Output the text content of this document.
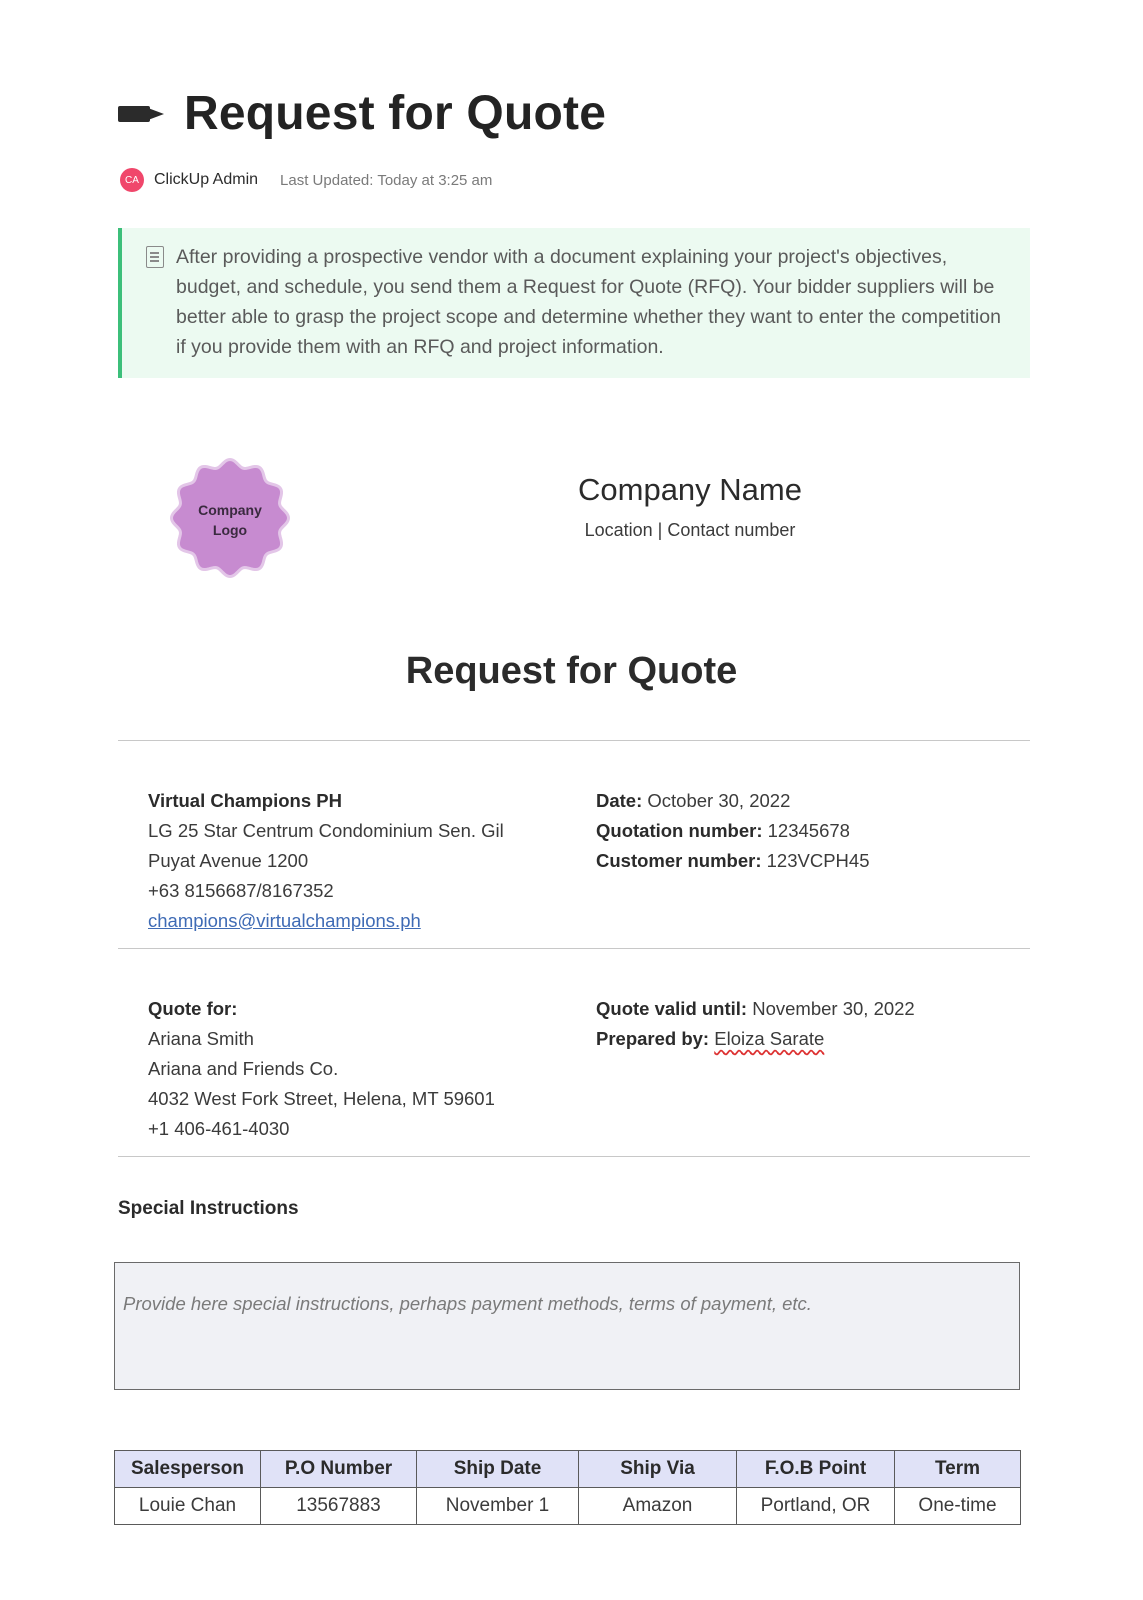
Request for Quote
CA ClickUp Admin Last Updated: Today at 3:25 am

After providing a prospective vendor with a document explaining your project's objectives, budget, and schedule, you send them a Request for Quote (RFQ). Your bidder suppliers will be better able to grasp the project scope and determine whether they want to enter the competition if you provide them with an RFQ and project information.

Company
Logo
Company Name
Location | Contact number
Request for Quote
Virtual Champions PH
LG 25 Star Centrum Condominium Sen. Gil
Puyat Avenue 1200
+63 8156687/8167352
champions@virtualchampions.ph
Date: October 30, 2022
Quotation number: 12345678
Customer number: 123VCPH45
Quote for:
Ariana Smith
Ariana and Friends Co.
4032 West Fork Street, Helena, MT 59601
+1 406-461-4030
Quote valid until: November 30, 2022
Prepared by: Eloiza Sarate
Special Instructions
Provide here special instructions, perhaps payment methods, terms of payment, etc.
Salesperson	P.O Number	Ship Date	Ship Via	F.O.B Point	Term
Louie Chan	13567883	November 1	Amazon	Portland, OR	One-time
